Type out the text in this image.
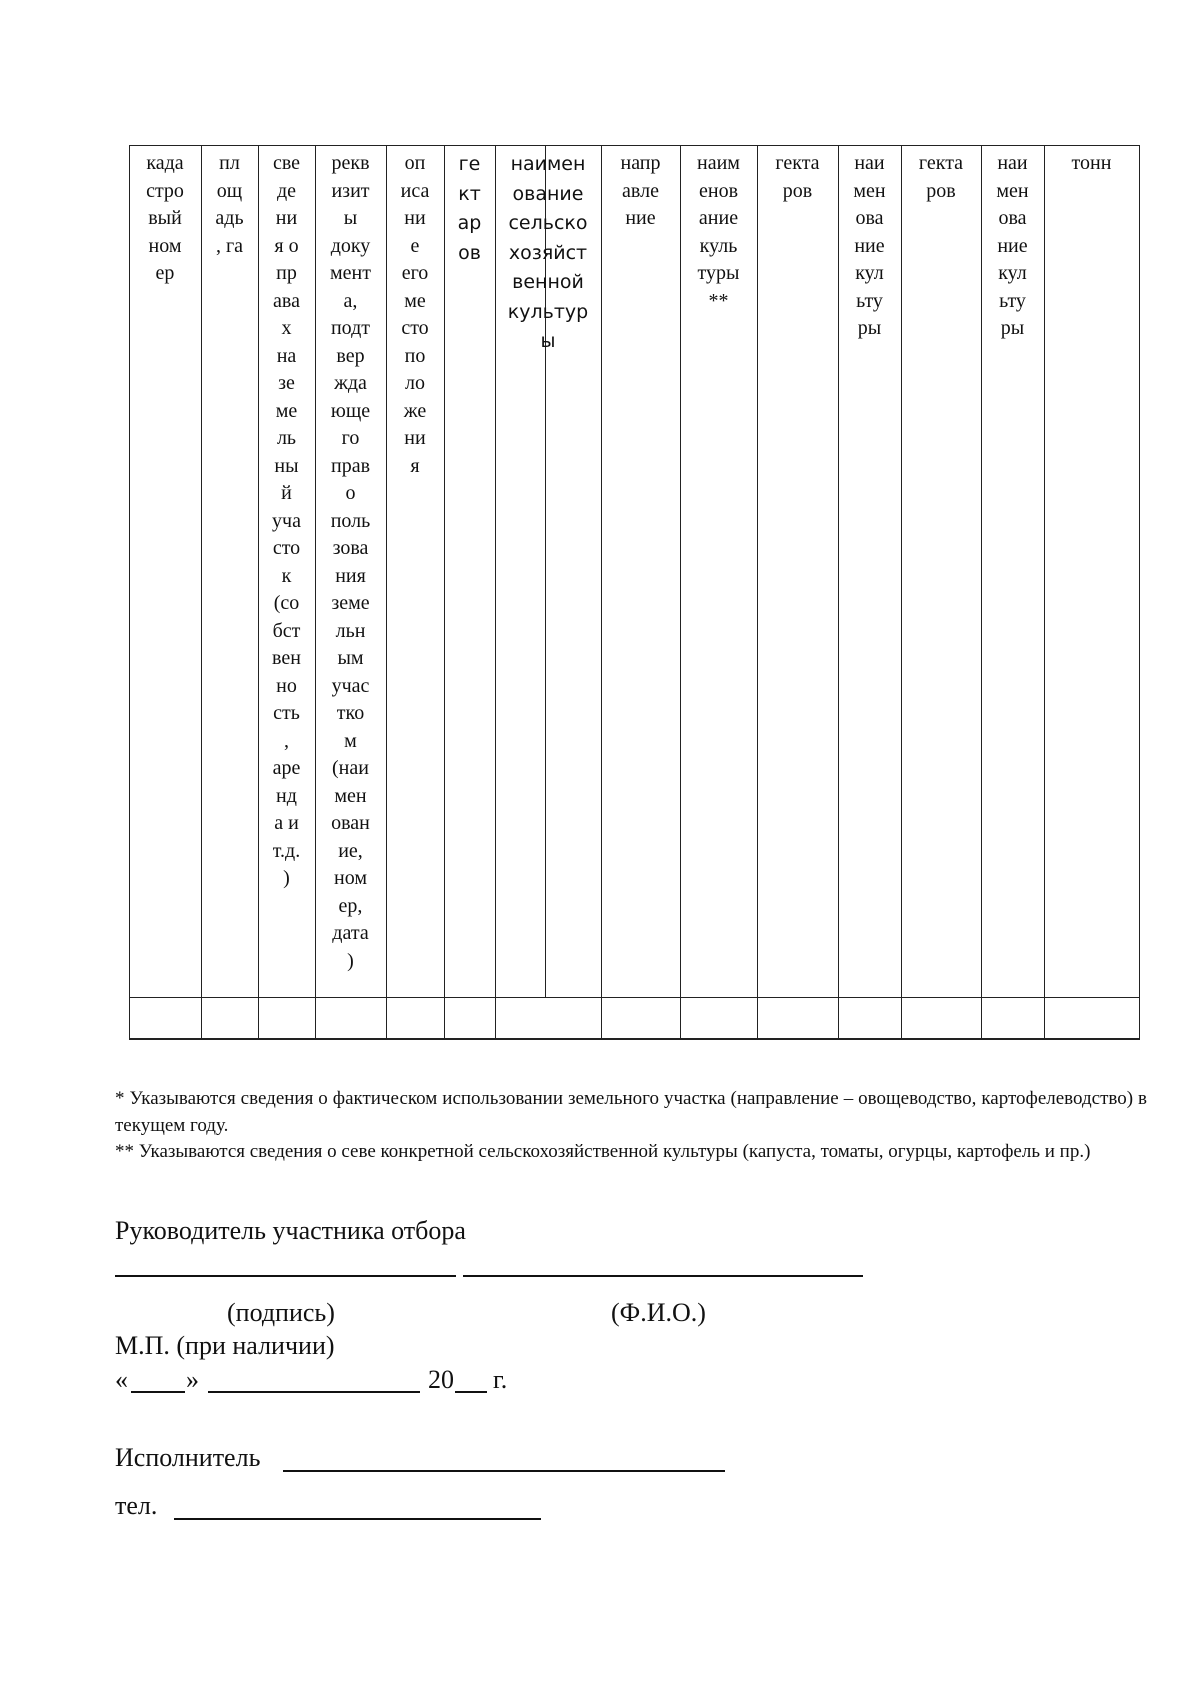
када
стро
вый
ном
ер
пл
ощ
адь
, га
све
де
ни
я о
пр
ава
х
на
зе
ме
ль
ны
й
уча
сто
к
(со
бст
вен
но
сть
,
аре
нд
а и
т.д.
)
рекв
изит
ы
доку
мент
а,
подт
вер
жда
юще
го
прав
о
поль
зова
ния
земе
льн
ым
учас
тко
м
(наи
мен
ован
ие,
ном
ер,
дата
)
оп
иса
ни
е
его
ме
сто
по
ло
же
ни
я
ге
кт
ар
ов
наимен
ование
сельско
хозяйст
венной
культур
ы
напр
авле
ние
наим
енов
ание
куль
туры
**
гекта
ров
наи
мен
ова
ние
кул
ьту
ры
гекта
ров
наи
мен
ова
ние
кул
ьту
ры
тонн
* Указываются сведения о фактическом использовании земельного участка (направление – овощеводство, картофелеводство) в текущем году.
** Указываются сведения о севе конкретной сельскохозяйственной культуры (капуста, томаты, огурцы, картофель и пр.)
Руководитель участника отбора
(подпись)	(Ф.И.О.)
М.П. (при наличии)
« »	20 г.
Исполнитель
тел.
